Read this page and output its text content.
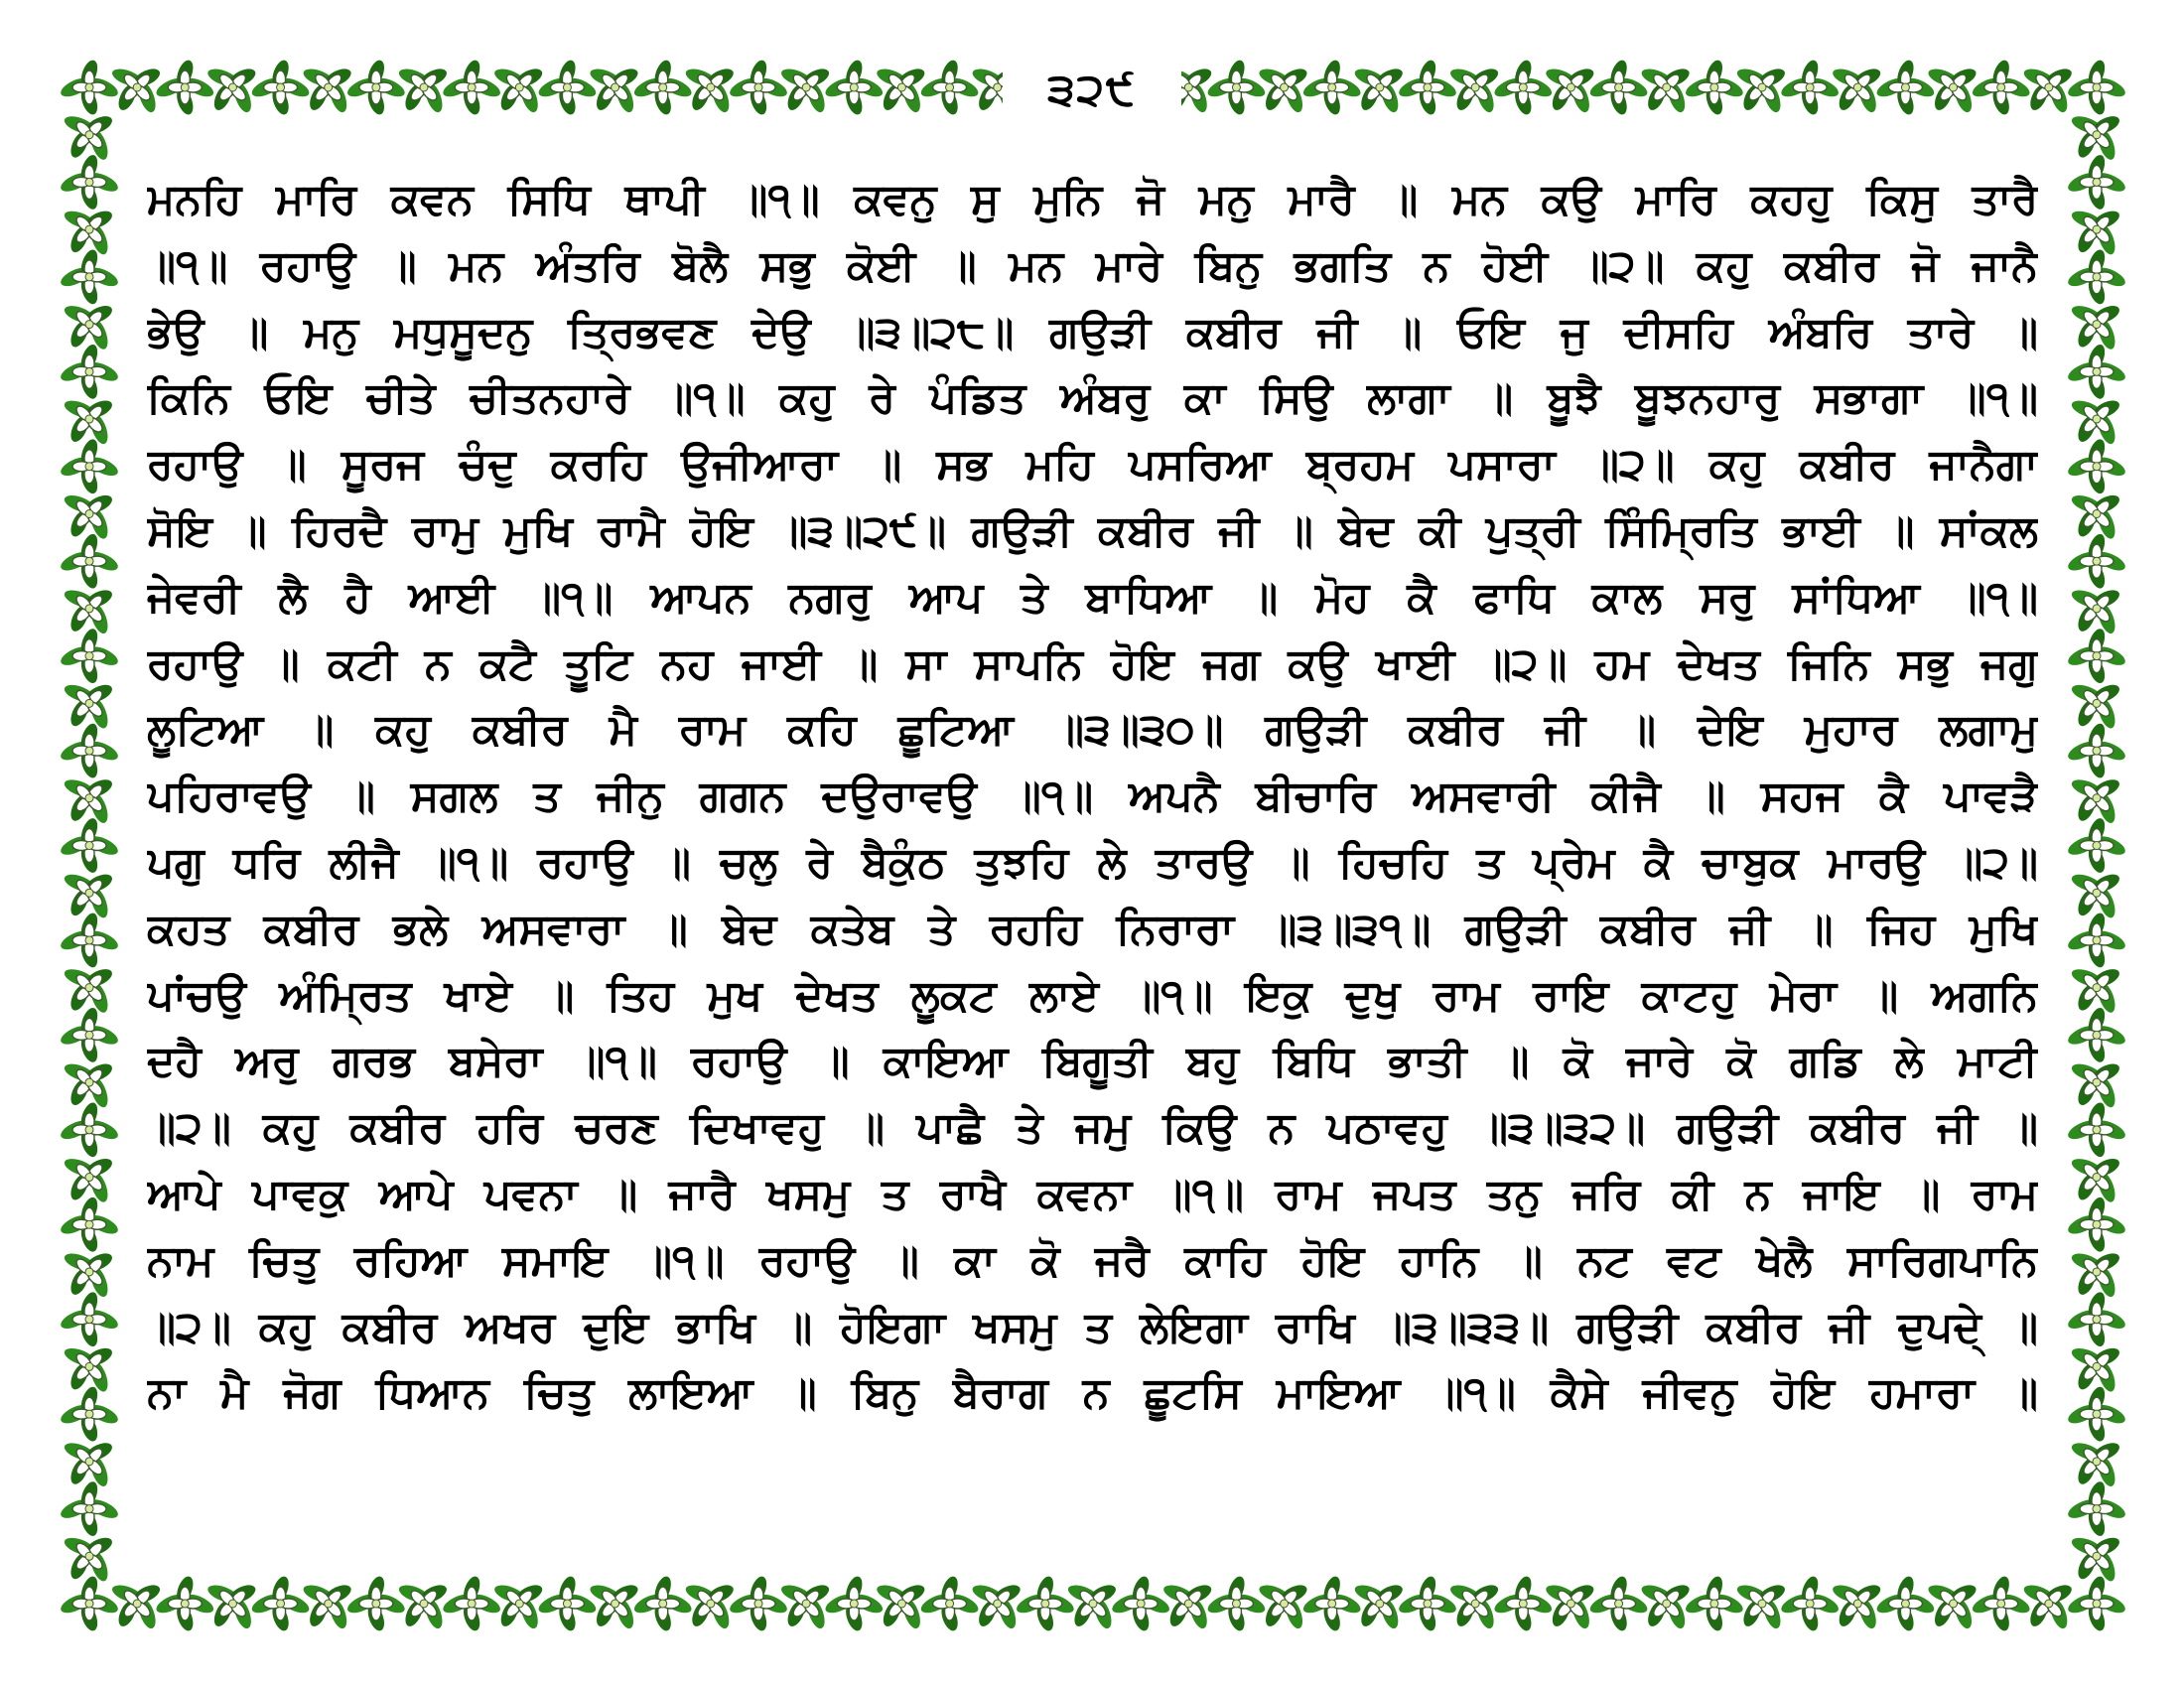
੩੨੯
ਮਨਹਿ ਮਾਰਿ ਕਵਨ ਸਿਧਿ ਥਾਪੀ ॥੧॥ ਕਵਨੁ ਸੁ ਮੁਨਿ ਜੋ ਮਨੁ ਮਾਰੈ ॥ ਮਨ ਕਉ ਮਾਰਿ ਕਹਹੁ ਕਿਸੁ ਤਾਰੈ
॥੧॥ ਰਹਾਉ ॥ ਮਨ ਅੰਤਰਿ ਬੋਲੈ ਸਭੁ ਕੋਈ ॥ ਮਨ ਮਾਰੇ ਬਿਨੁ ਭਗਤਿ ਨ ਹੋਈ ॥੨॥ ਕਹੁ ਕਬੀਰ ਜੋ ਜਾਨੈ
ਭੇਉ ॥ ਮਨੁ ਮਧੁਸੂਦਨੁ ਤ੍ਰਿਭਵਣ ਦੇਉ ॥੩॥੨੮॥ ਗਉੜੀ ਕਬੀਰ ਜੀ ॥ ਓਇ ਜੁ ਦੀਸਹਿ ਅੰਬਰਿ ਤਾਰੇ ॥
ਕਿਨਿ ਓਇ ਚੀਤੇ ਚੀਤਨਹਾਰੇ ॥੧॥ ਕਹੁ ਰੇ ਪੰਡਿਤ ਅੰਬਰੁ ਕਾ ਸਿਉ ਲਾਗਾ ॥ ਬੂਝੈ ਬੂਝਨਹਾਰੁ ਸਭਾਗਾ ॥੧॥
ਰਹਾਉ ॥ ਸੂਰਜ ਚੰਦੁ ਕਰਹਿ ਉਜੀਆਰਾ ॥ ਸਭ ਮਹਿ ਪਸਰਿਆ ਬ੍ਰਹਮ ਪਸਾਰਾ ॥੨॥ ਕਹੁ ਕਬੀਰ ਜਾਨੈਗਾ
ਸੋਇ ॥ ਹਿਰਦੈ ਰਾਮੁ ਮੁਖਿ ਰਾਮੈ ਹੋਇ ॥੩॥੨੯॥ ਗਉੜੀ ਕਬੀਰ ਜੀ ॥ ਬੇਦ ਕੀ ਪੁਤ੍ਰੀ ਸਿੰਮ੍ਰਿਤਿ ਭਾਈ ॥ ਸਾਂਕਲ
ਜੇਵਰੀ ਲੈ ਹੈ ਆਈ ॥੧॥ ਆਪਨ ਨਗਰੁ ਆਪ ਤੇ ਬਾਧਿਆ ॥ ਮੋਹ ਕੈ ਫਾਧਿ ਕਾਲ ਸਰੁ ਸਾਂਧਿਆ ॥੧॥
ਰਹਾਉ ॥ ਕਟੀ ਨ ਕਟੈ ਤੂਟਿ ਨਹ ਜਾਈ ॥ ਸਾ ਸਾਪਨਿ ਹੋਇ ਜਗ ਕਉ ਖਾਈ ॥੨॥ ਹਮ ਦੇਖਤ ਜਿਨਿ ਸਭੁ ਜਗੁ
ਲੂਟਿਆ ॥ ਕਹੁ ਕਬੀਰ ਮੈ ਰਾਮ ਕਹਿ ਛੂਟਿਆ ॥੩॥੩੦॥ ਗਉੜੀ ਕਬੀਰ ਜੀ ॥ ਦੇਇ ਮੁਹਾਰ ਲਗਾਮੁ
ਪਹਿਰਾਵਉ ॥ ਸਗਲ ਤ ਜੀਨੁ ਗਗਨ ਦਉਰਾਵਉ ॥੧॥ ਅਪਨੈ ਬੀਚਾਰਿ ਅਸਵਾਰੀ ਕੀਜੈ ॥ ਸਹਜ ਕੈ ਪਾਵੜੈ
ਪਗੁ ਧਰਿ ਲੀਜੈ ॥੧॥ ਰਹਾਉ ॥ ਚਲੁ ਰੇ ਬੈਕੁੰਠ ਤੁਝਹਿ ਲੇ ਤਾਰਉ ॥ ਹਿਚਹਿ ਤ ਪ੍ਰੇਮ ਕੈ ਚਾਬੁਕ ਮਾਰਉ ॥੨॥
ਕਹਤ ਕਬੀਰ ਭਲੇ ਅਸਵਾਰਾ ॥ ਬੇਦ ਕਤੇਬ ਤੇ ਰਹਹਿ ਨਿਰਾਰਾ ॥੩॥੩੧॥ ਗਉੜੀ ਕਬੀਰ ਜੀ ॥ ਜਿਹ ਮੁਖਿ
ਪਾਂਚਉ ਅੰਮ੍ਰਿਤ ਖਾਏ ॥ ਤਿਹ ਮੁਖ ਦੇਖਤ ਲੂਕਟ ਲਾਏ ॥੧॥ ਇਕੁ ਦੁਖੁ ਰਾਮ ਰਾਇ ਕਾਟਹੁ ਮੇਰਾ ॥ ਅਗਨਿ
ਦਹੈ ਅਰੁ ਗਰਭ ਬਸੇਰਾ ॥੧॥ ਰਹਾਉ ॥ ਕਾਇਆ ਬਿਗੂਤੀ ਬਹੁ ਬਿਧਿ ਭਾਤੀ ॥ ਕੋ ਜਾਰੇ ਕੋ ਗਡਿ ਲੇ ਮਾਟੀ
॥੨॥ ਕਹੁ ਕਬੀਰ ਹਰਿ ਚਰਣ ਦਿਖਾਵਹੁ ॥ ਪਾਛੈ ਤੇ ਜਮੁ ਕਿਉ ਨ ਪਠਾਵਹੁ ॥੩॥੩੨॥ ਗਉੜੀ ਕਬੀਰ ਜੀ ॥
ਆਪੇ ਪਾਵਕੁ ਆਪੇ ਪਵਨਾ ॥ ਜਾਰੈ ਖਸਮੁ ਤ ਰਾਖੈ ਕਵਨਾ ॥੧॥ ਰਾਮ ਜਪਤ ਤਨੁ ਜਰਿ ਕੀ ਨ ਜਾਇ ॥ ਰਾਮ
ਨਾਮ ਚਿਤੁ ਰਹਿਆ ਸਮਾਇ ॥੧॥ ਰਹਾਉ ॥ ਕਾ ਕੋ ਜਰੈ ਕਾਹਿ ਹੋਇ ਹਾਨਿ ॥ ਨਟ ਵਟ ਖੇਲੈ ਸਾਰਿਗਪਾਨਿ
॥੨॥ ਕਹੁ ਕਬੀਰ ਅਖਰ ਦੁਇ ਭਾਖਿ ॥ ਹੋਇਗਾ ਖਸਮੁ ਤ ਲੇਇਗਾ ਰਾਖਿ ॥੩॥੩੩॥ ਗਉੜੀ ਕਬੀਰ ਜੀ ਦੁਪਦੇ੍ ॥
ਨਾ ਮੈ ਜੋਗ ਧਿਆਨ ਚਿਤੁ ਲਾਇਆ ॥ ਬਿਨੁ ਬੈਰਾਗ ਨ ਛੂਟਸਿ ਮਾਇਆ ॥੧॥ ਕੈਸੇ ਜੀਵਨੁ ਹੋਇ ਹਮਾਰਾ ॥
